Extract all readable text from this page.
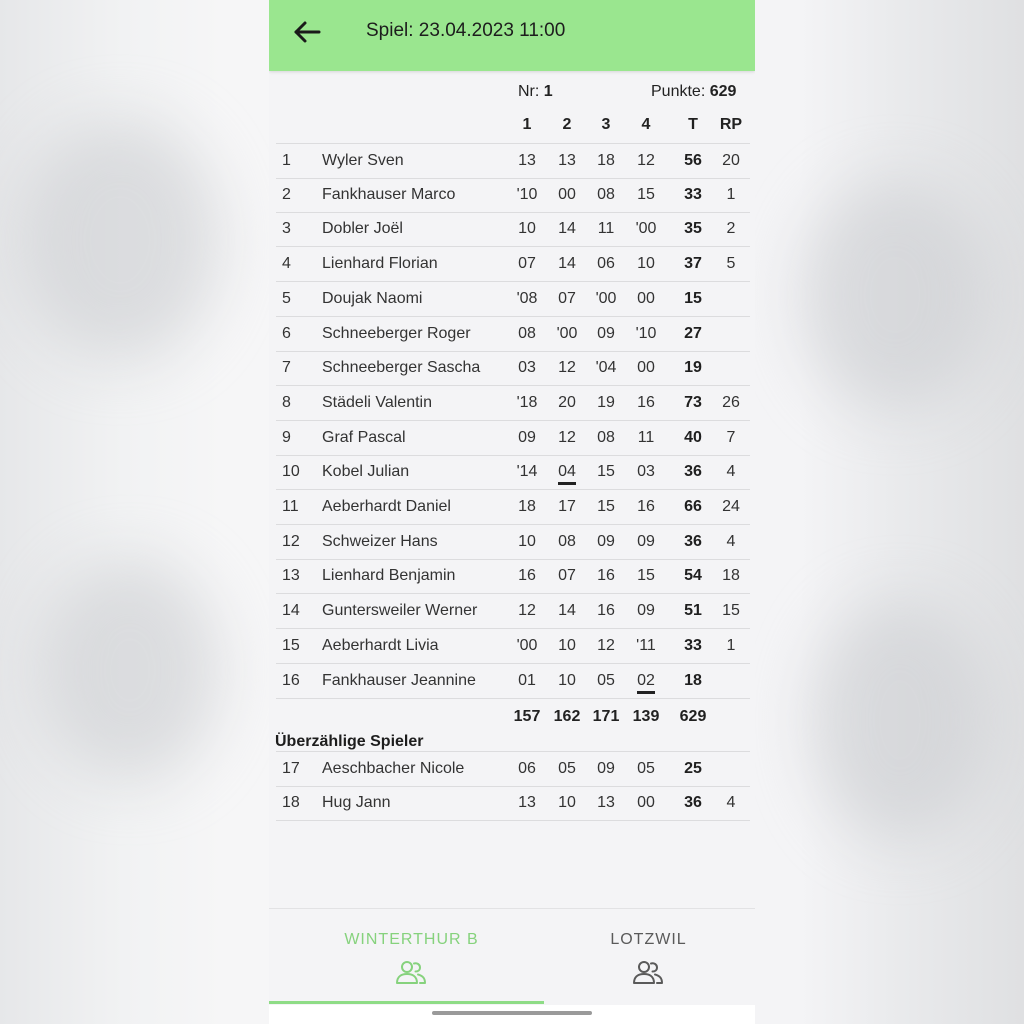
Spiel: 23.04.2023 11:00
Nr: 1	Punkte: 629
1	2	3	4	T	RP
1 Wyler Sven	13	13	18	12	56	20
2 Fankhauser Marco	'10	00	08	15	33	1
3 Dobler Joël	10	14	11	'00	35	2
4 Lienhard Florian	07	14	06	10	37	5
5 Doujak Naomi	'08	07	'00	00	15
6 Schneeberger Roger	08	'00	09	'10	27
7 Schneeberger Sascha	03	12	'04	00	19
8 Städeli Valentin	'18	20	19	16	73	26
9 Graf Pascal	09	12	08	11	40	7
10 Kobel Julian	'14	04	15	03	36	4
11 Aeberhardt Daniel	18	17	15	16	66	24
12 Schweizer Hans	10	08	09	09	36	4
13 Lienhard Benjamin	16	07	16	15	54	18
14 Guntersweiler Werner	12	14	16	09	51	15
15 Aeberhardt Livia	'00	10	12	'11	33	1
16 Fankhauser Jeannine	01	10	05	02	18
157 162 171 139 629
Überzählige Spieler
17 Aeschbacher Nicole	06	05	09	05	25
18 Hug Jann	13	10	13	00	36	4
WINTERTHUR B	LOTZWIL
